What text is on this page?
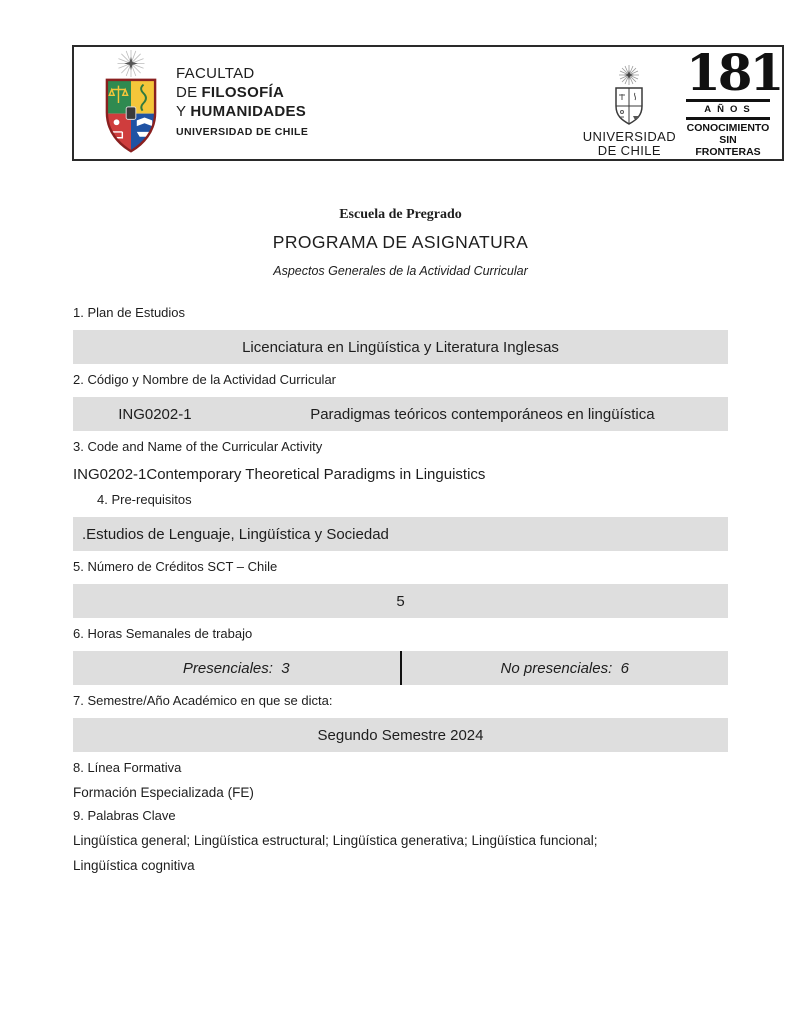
FACULTAD
DE FILOSOFÍA
Y HUMANIDADES
UNIVERSIDAD DE CHILE	UNIVERSIDAD
DE CHILE
181
AÑOS
CONOCIMIENTO
SIN FRONTERAS
Escuela de Pregrado
PROGRAMA DE ASIGNATURA
Aspectos Generales de la Actividad Curricular
1. Plan de Estudios
Licenciatura en Lingüística y Literatura Inglesas
2. Código y Nombre de la Actividad Curricular
ING0202-1	Paradigmas teóricos contemporáneos en lingüística
3. Code and Name of the Curricular Activity
ING0202-1 Contemporary Theoretical Paradigms in Linguistics
4. Pre-requisitos
.Estudios de Lenguaje, Lingüística y Sociedad
5. Número de Créditos SCT – Chile
5
6. Horas Semanales de trabajo
Presenciales:  3	No presenciales:  6
7. Semestre/Año Académico en que se dicta:
Segundo Semestre 2024
8. Línea Formativa
Formación Especializada (FE)
9. Palabras Clave
Lingüística general; Lingüística estructural; Lingüística generativa; Lingüística funcional;
Lingüística cognitiva
